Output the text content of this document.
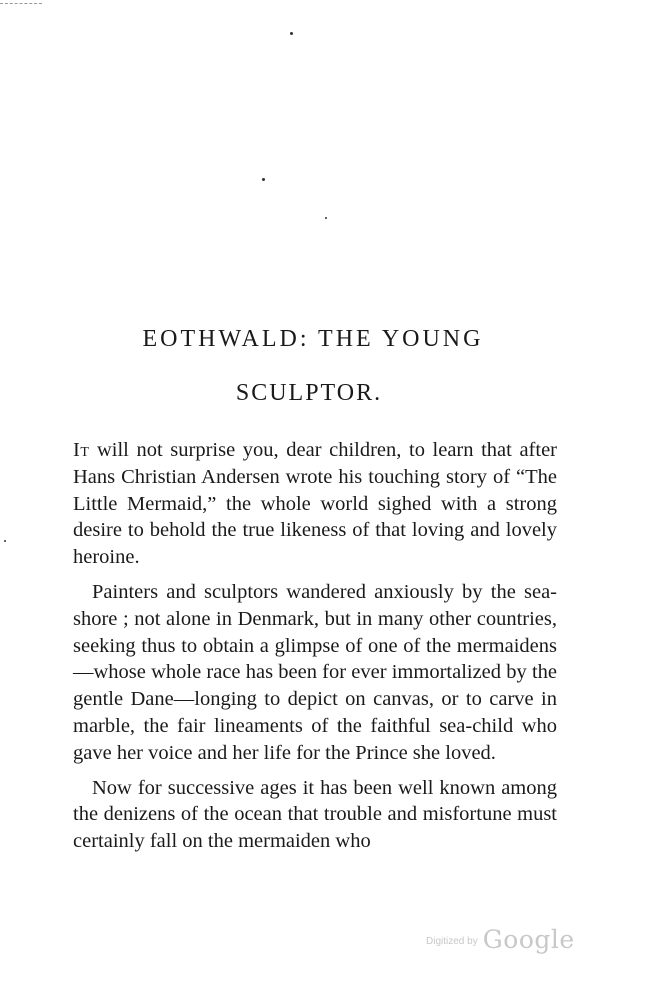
EOTHWALD: THE YOUNG
SCULPTOR.

It will not surprise you, dear children, to learn that after Hans Christian Andersen wrote his touching story of “The Little Mermaid,” the whole world sighed with a strong desire to behold the true likeness of that loving and lovely heroine.

Painters and sculptors wandered anxiously by the sea-shore ; not alone in Denmark, but in many other countries, seeking thus to obtain a glimpse of one of the mermaidens—whose whole race has been for ever immortalized by the gentle Dane—longing to depict on canvas, or to carve in marble, the fair lineaments of the faithful sea-child who gave her voice and her life for the Prince she loved.

Now for successive ages it has been well known among the denizens of the ocean that trouble and misfortune must certainly fall on the mermaiden who

$^{Digitized by}$ Google
